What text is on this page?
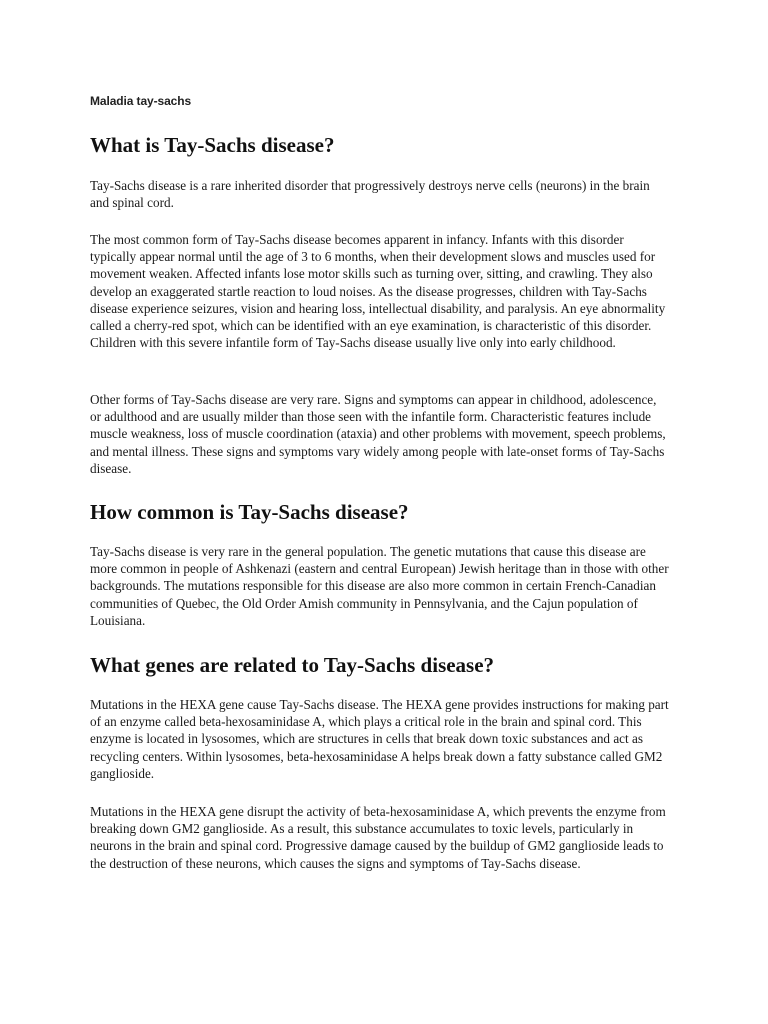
Maladia tay-sachs
What is Tay-Sachs disease?

Tay-Sachs disease is a rare inherited disorder that progressively destroys nerve cells (neurons) in the brain and spinal cord.

The most common form of Tay-Sachs disease becomes apparent in infancy. Infants with this disorder typically appear normal until the age of 3 to 6 months, when their development slows and muscles used for movement weaken. Affected infants lose motor skills such as turning over, sitting, and crawling. They also develop an exaggerated startle reaction to loud noises. As the disease progresses, children with Tay-Sachs disease experience seizures, vision and hearing loss, intellectual disability, and paralysis. An eye abnormality called a cherry-red spot, which can be identified with an eye examination, is characteristic of this disorder. Children with this severe infantile form of Tay-Sachs disease usually live only into early childhood.

Other forms of Tay-Sachs disease are very rare. Signs and symptoms can appear in childhood, adolescence, or adulthood and are usually milder than those seen with the infantile form. Characteristic features include muscle weakness, loss of muscle coordination (ataxia) and other problems with movement, speech problems, and mental illness. These signs and symptoms vary widely among people with late-onset forms of Tay-Sachs disease.

How common is Tay-Sachs disease?

Tay-Sachs disease is very rare in the general population. The genetic mutations that cause this disease are more common in people of Ashkenazi (eastern and central European) Jewish heritage than in those with other backgrounds. The mutations responsible for this disease are also more common in certain French-Canadian communities of Quebec, the Old Order Amish community in Pennsylvania, and the Cajun population of Louisiana.

What genes are related to Tay-Sachs disease?

Mutations in the HEXA gene cause Tay-Sachs disease. The HEXA gene provides instructions for making part of an enzyme called beta-hexosaminidase A, which plays a critical role in the brain and spinal cord. This enzyme is located in lysosomes, which are structures in cells that break down toxic substances and act as recycling centers. Within lysosomes, beta-hexosaminidase A helps break down a fatty substance called GM2 ganglioside.

Mutations in the HEXA gene disrupt the activity of beta-hexosaminidase A, which prevents the enzyme from breaking down GM2 ganglioside. As a result, this substance accumulates to toxic levels, particularly in neurons in the brain and spinal cord. Progressive damage caused by the buildup of GM2 ganglioside leads to the destruction of these neurons, which causes the signs and symptoms of Tay-Sachs disease.
